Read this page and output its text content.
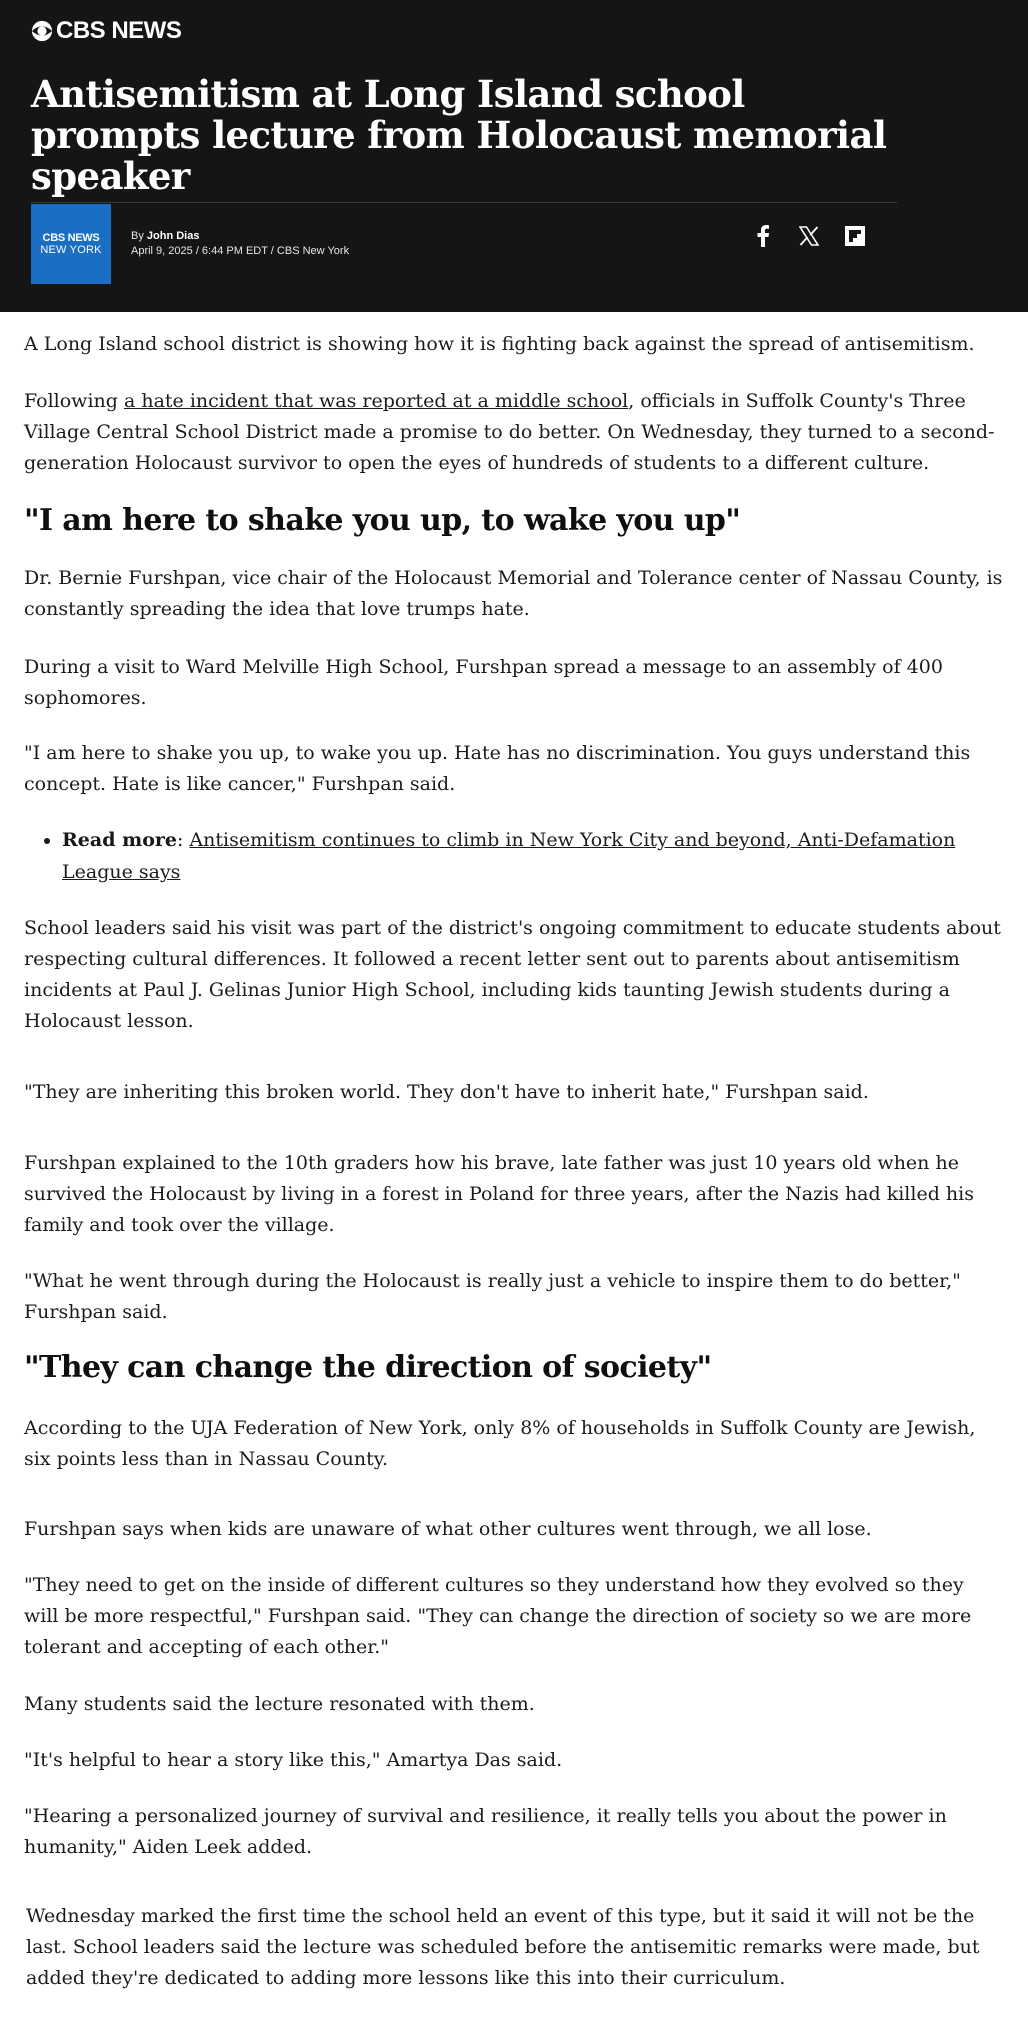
CBS NEWS
Antisemitism at Long Island school prompts lecture from Holocaust memorial speaker
CBS NEWS
NEW YORK
By John Dias
April 9, 2025 / 6:44 PM EDT / CBS New York

A Long Island school district is showing how it is fighting back against the spread of antisemitism.

Following a hate incident that was reported at a middle school, officials in Suffolk County's Three Village Central School District made a promise to do better. On Wednesday, they turned to a second-generation Holocaust survivor to open the eyes of hundreds of students to a different culture.

"I am here to shake you up, to wake you up"

Dr. Bernie Furshpan, vice chair of the Holocaust Memorial and Tolerance center of Nassau County, is constantly spreading the idea that love trumps hate.

During a visit to Ward Melville High School, Furshpan spread a message to an assembly of 400 sophomores.

"I am here to shake you up, to wake you up. Hate has no discrimination. You guys understand this concept. Hate is like cancer," Furshpan said.

• Read more: Antisemitism continues to climb in New York City and beyond, Anti-Defamation League says

School leaders said his visit was part of the district's ongoing commitment to educate students about respecting cultural differences. It followed a recent letter sent out to parents about antisemitism incidents at Paul J. Gelinas Junior High School, including kids taunting Jewish students during a Holocaust lesson.

"They are inheriting this broken world. They don't have to inherit hate," Furshpan said.

Furshpan explained to the 10th graders how his brave, late father was just 10 years old when he survived the Holocaust by living in a forest in Poland for three years, after the Nazis had killed his family and took over the village.

"What he went through during the Holocaust is really just a vehicle to inspire them to do better," Furshpan said.

"They can change the direction of society"

According to the UJA Federation of New York, only 8% of households in Suffolk County are Jewish, six points less than in Nassau County.

Furshpan says when kids are unaware of what other cultures went through, we all lose.

"They need to get on the inside of different cultures so they understand how they evolved so they will be more respectful," Furshpan said. "They can change the direction of society so we are more tolerant and accepting of each other."

Many students said the lecture resonated with them.

"It's helpful to hear a story like this," Amartya Das said.

"Hearing a personalized journey of survival and resilience, it really tells you about the power in humanity," Aiden Leek added.

Wednesday marked the first time the school held an event of this type, but it said it will not be the last. School leaders said the lecture was scheduled before the antisemitic remarks were made, but added they're dedicated to adding more lessons like this into their curriculum.
